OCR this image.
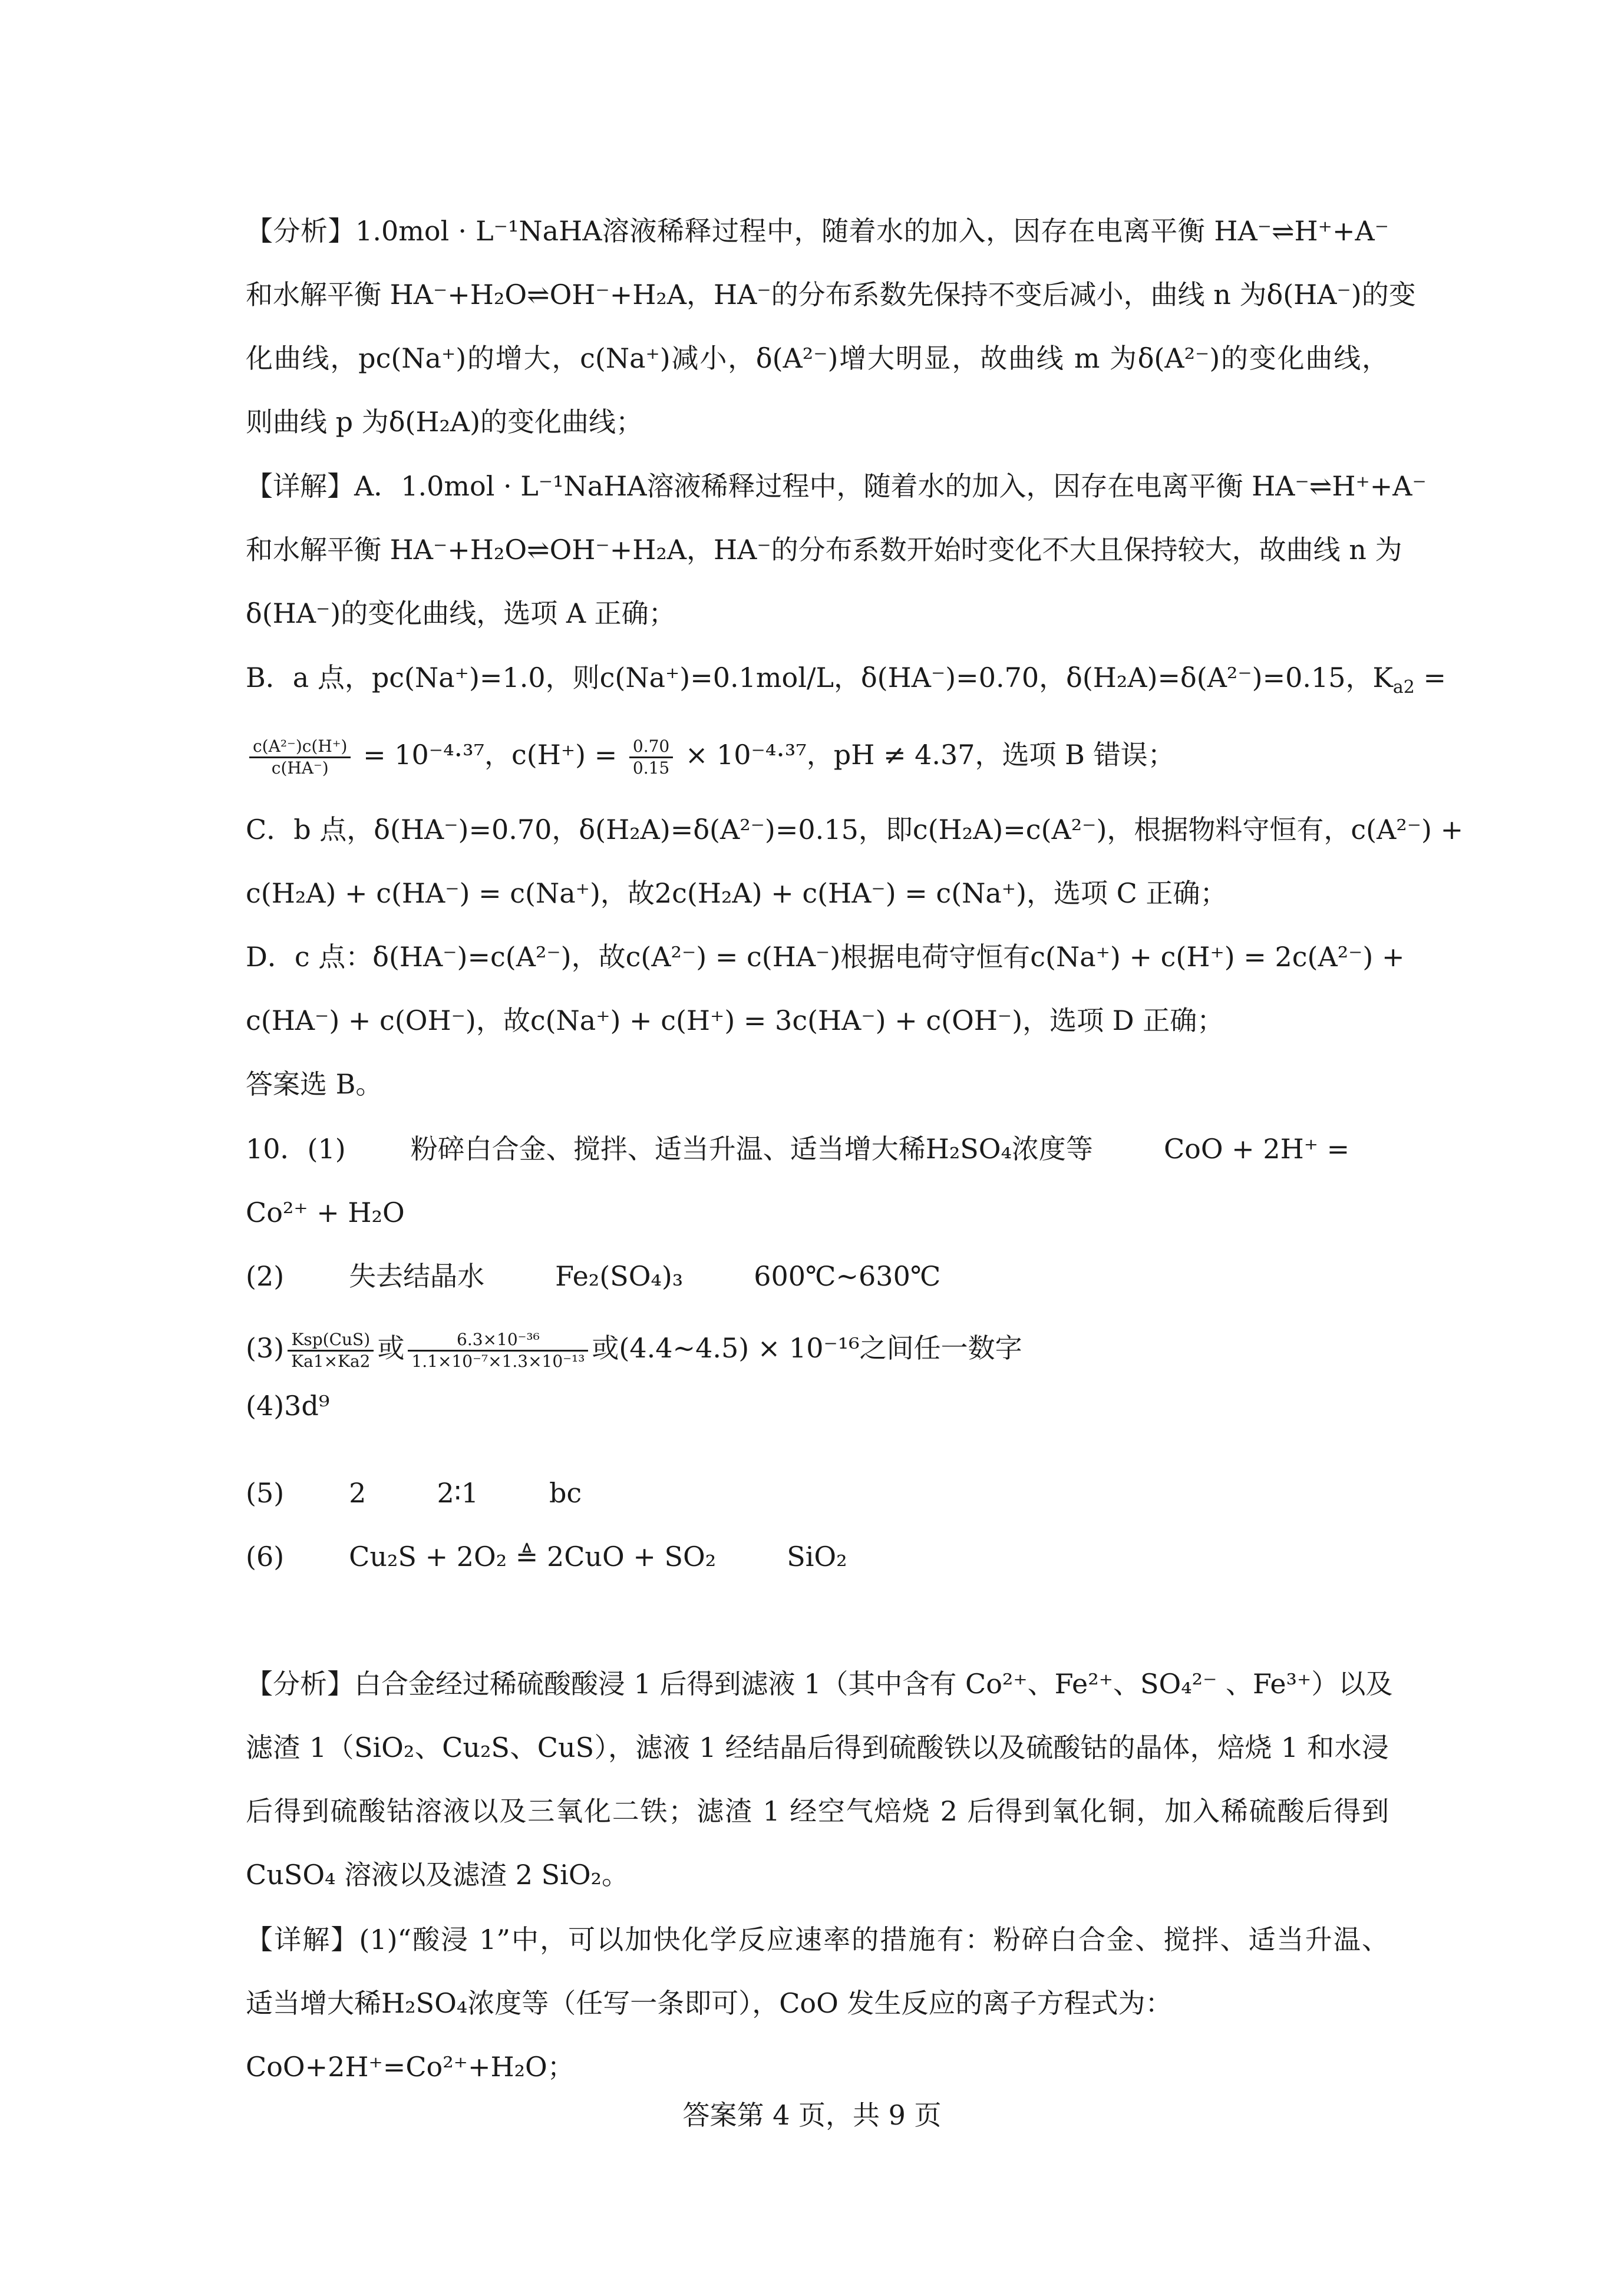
【分析】1.0mol · L⁻¹NaHA溶液稀释过程中，随着水的加入，因存在电离平衡 HA⁻⇌H⁺+A⁻
和水解平衡 HA⁻+H₂O⇌OH⁻+H₂A，HA⁻的分布系数先保持不变后减小，曲线 n 为δ(HA⁻)的变
化曲线，pc(Na⁺)的增大，c(Na⁺)减小，δ(A²⁻)增大明显，故曲线 m 为δ(A²⁻)的变化曲线，
则曲线 p 为δ(H₂A)的变化曲线；
【详解】A．1.0mol · L⁻¹NaHA溶液稀释过程中，随着水的加入，因存在电离平衡 HA⁻⇌H⁺+A⁻
和水解平衡 HA⁻+H₂O⇌OH⁻+H₂A，HA⁻的分布系数开始时变化不大且保持较大，故曲线 n 为
δ(HA⁻)的变化曲线，选项 A 正确；
B．a 点，pc(Na⁺)=1.0，则c(Na⁺)=0.1mol/L，δ(HA⁻)=0.70，δ(H₂A)=δ(A²⁻)=0.15，$K_{a2}$ =
$\frac{\text{c(A²⁻)c(H⁺)}}{c(HA^-)} = 10^{-4}\cdot^{37}$，$c(H^+) = \frac{0.70}{0.15} \times 10^{-4}\cdot^{37}$，pH ≠ 4.37，选项 B 错误；
C．b 点，δ(HA⁻)=0.70，δ(H₂A)=δ(A²⁻)=0.15，即c(H₂A)=c(A²⁻)，根据物料守恒有，c(A²⁻) +
c(H₂A) + c(HA⁻) = c(Na⁺)，故2c(H₂A) + c(HA⁻) = c(Na⁺)，选项 C 正确；
D．c 点：δ(HA⁻)=c(A²⁻)，故c(A²⁻) = c(HA⁻)根据电荷守恒有c(Na⁺) + c(H⁺) = 2c(A²⁻) +
c(HA⁻) + c(OH⁻)，故c(Na⁺) + c(H⁺) = 3c(HA⁻) + c(OH⁻)，选项 D 正确；
答案选 B。
10．(1) 粉碎白合金、搅拌、适当升温、适当增大稀H₂SO₄浓度等	CoO + 2H⁺ =
Co²⁺ + H₂O
(2) 失去结晶水	Fe₂(SO₄)₃	600℃~630℃
$(3) \frac{\text{Ksp(CuS)}}{Ka1\times Ka2}$ 或 $\frac{\text{6.3×10⁻³⁶}}{\text{1.1×10⁻⁷×1.3×10⁻¹³}}$ 或(4.4~4.5) × 10⁻¹⁶之间任一数字
(4)3d⁹
(5) 2	2∶1	bc
(6) Cu₂S + 2O₂ ≜ 2CuO + SO₂	SiO₂
【分析】白合金经过稀硫酸酸浸 1 后得到滤液 1（其中含有 Co²⁺、Fe²⁺、SO₄²⁻ 、Fe³⁺）以及
滤渣 1（SiO₂、Cu₂S、CuS），滤液 1 经结晶后得到硫酸铁以及硫酸钴的晶体，焙烧 1 和水浸
后得到硫酸钴溶液以及三氧化二铁；滤渣 1 经空气焙烧 2 后得到氧化铜，加入稀硫酸后得到
CuSO₄ 溶液以及滤渣 2 SiO₂。
【详解】(1)“酸浸 1”中，可以加快化学反应速率的措施有：粉碎白合金、搅拌、适当升温、
适当增大稀H₂SO₄浓度等（任写一条即可），CoO 发生反应的离子方程式为：
CoO+2H⁺=Co²⁺+H₂O；
答案第 4 页，共 9 页
